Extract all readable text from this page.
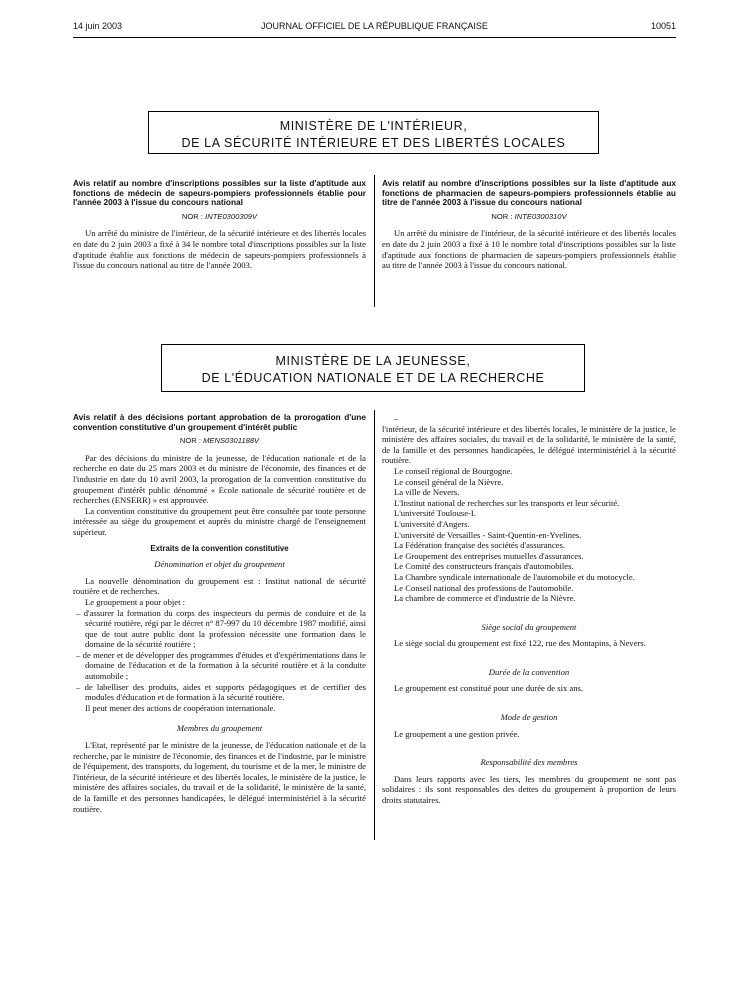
14 juin 2003	JOURNAL OFFICIEL DE LA RÉPUBLIQUE FRANÇAISE	10051
MINISTÈRE DE L'INTÉRIEUR,
DE LA SÉCURITÉ INTÉRIEURE ET DES LIBERTÉS LOCALES

Avis relatif au nombre d'inscriptions possibles sur la liste d'aptitude aux fonctions de médecin de sapeurs-pompiers professionnels établie pour l'année 2003 à l'issue du concours national

NOR : INTE0300309V

Un arrêté du ministre de l'intérieur, de la sécurité intérieure et des libertés locales en date du 2 juin 2003 a fixé à 34 le nombre total d'inscriptions possibles sur la liste d'aptitude établie aux fonctions de médecin de sapeurs-pompiers professionnels à l'issue du concours national au titre de l'année 2003.

Avis relatif au nombre d'inscriptions possibles sur la liste d'aptitude aux fonctions de pharmacien de sapeurs-pompiers professionnels établie au titre de l'année 2003 à l'issue du concours national

NOR : INTE0300310V

Un arrêté du ministre de l'intérieur, de la sécurité intérieure et des libertés locales en date du 2 juin 2003 a fixé à 10 le nombre total d'inscriptions possibles sur la liste d'aptitude aux fonctions de pharmacien de sapeurs-pompiers professionnels établie au titre de l'année 2003 à l'issue du concours national.

MINISTÈRE DE LA JEUNESSE,
DE L'ÉDUCATION NATIONALE ET DE LA RECHERCHE

Avis relatif à des décisions portant approbation de la prorogation d'une convention constitutive d'un groupement d'intérêt public

NOR : MENS0301188V

Par des décisions du ministre de la jeunesse, de l'éducation nationale et de la recherche en date du 25 mars 2003 et du ministre de l'économie, des finances et de l'industrie en date du 10 avril 2003, la prorogation de la convention constitutive du groupement d'intérêt public dénommé « Ecole nationale de sécurité routière et de recherches (ENSERR) » est approuvée.

La convention constitutive du groupement peut être consultée par toute personne intéressée au siège du groupement et auprès du ministre chargé de l'enseignement supérieur.

Extraits de la convention constitutive
Dénomination et objet du groupement

La nouvelle dénomination du groupement est : Institut national de sécurité routière et de recherches.

Le groupement a pour objet :

– d'assurer la formation du corps des inspecteurs du permis de conduire et de la sécurité routière, régi par le décret n° 87-997 du 10 décembre 1987 modifié, ainsi que de tout autre public dont la profession nécessite une formation dans le domaine de la sécurité routière ;
– de mener et de développer des programmes d'études et d'expérimentations dans le domaine de l'éducation et de la formation à la sécurité routière et à la conduite automobile ;
– de labelliser des produits, aides et supports pédagogiques et de certifier des modules d'éducation et de formation à la sécurité routière.

Il peut mener des actions de coopération internationale.

Membres du groupement

L'Etat, représenté par le ministre de la jeunesse, de l'éducation nationale et de la recherche, par le ministre de l'économie, des finances et de l'industrie, par le ministre de l'équipement, des transports, du logement, du tourisme et de la mer, le ministre de l'intérieur, de la sécurité intérieure et des libertés locales, le ministère de la justice, le ministère des affaires sociales, du travail et de la solidarité, le ministère de la santé, de la famille et des personnes handicapées, le délégué interministériel à la sécurité routière.

–
l'intérieur, de la sécurité intérieure et des libertés locales, le ministère de la justice, le ministère des affaires sociales, du travail et de la solidarité, le ministère de la santé, de la famille et des personnes handicapées, le délégué interministériel à la sécurité routière.

Le conseil régional de Bourgogne.

Le conseil général de la Nièvre.

La ville de Nevers.

L'Institut national de recherches sur les transports et leur sécurité.

L'université Toulouse-I.

L'université d'Angers.

L'université de Versailles - Saint-Quentin-en-Yvelines.

La Fédération française des sociétés d'assurances.

Le Groupement des entreprises mutuelles d'assurances.

Le Comité des constructeurs français d'automobiles.

La Chambre syndicale internationale de l'automobile et du motocycle.

Le Conseil national des professions de l'automobile.

La chambre de commerce et d'industrie de la Nièvre.

Siège social du groupement

Le siège social du groupement est fixé 122, rue des Montapins, à Nevers.

Durée de la convention

Le groupement est constitué pour une durée de six ans.

Mode de gestion

Le groupement a une gestion privée.

Responsabilité des membres

Dans leurs rapports avec les tiers, les membres du groupement ne sont pas solidaires : ils sont responsables des dettes du groupement à proportion de leurs droits statutaires.
